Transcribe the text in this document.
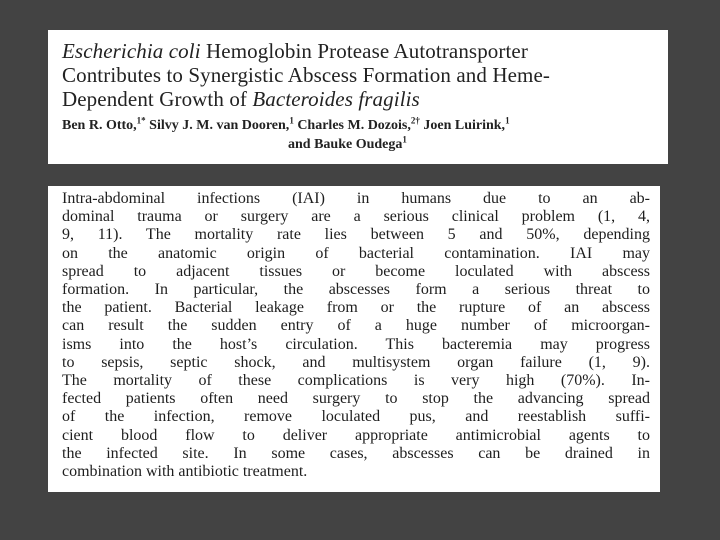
Escherichia coli Hemoglobin Protease Autotransporter
Contributes to Synergistic Abscess Formation and Heme-
Dependent Growth of Bacteroides fragilis
Ben R. Otto,$^{1*}$ Silvy J. M. van Dooren,$^1$ Charles M. Dozois,$^{2\dagger}$ Joen Luirink,$^1$
and Bauke Oudega$^1$
Intra-abdominal infections (IAI) in humans due to an ab-
dominal trauma or surgery are a serious clinical problem (1, 4,
9, 11). The mortality rate lies between 5 and 50%, depending
on the anatomic origin of bacterial contamination. IAI may
spread to adjacent tissues or become loculated with abscess
formation. In particular, the abscesses form a serious threat to
the patient. Bacterial leakage from or the rupture of an abscess
can result the sudden entry of a huge number of microorgan-
isms into the host’s circulation. This bacteremia may progress
to sepsis, septic shock, and multisystem organ failure (1, 9).
The mortality of these complications is very high (70%). In-
fected patients often need surgery to stop the advancing spread
of the infection, remove loculated pus, and reestablish suffi-
cient blood flow to deliver appropriate antimicrobial agents to
the infected site. In some cases, abscesses can be drained in
combination with antibiotic treatment.
